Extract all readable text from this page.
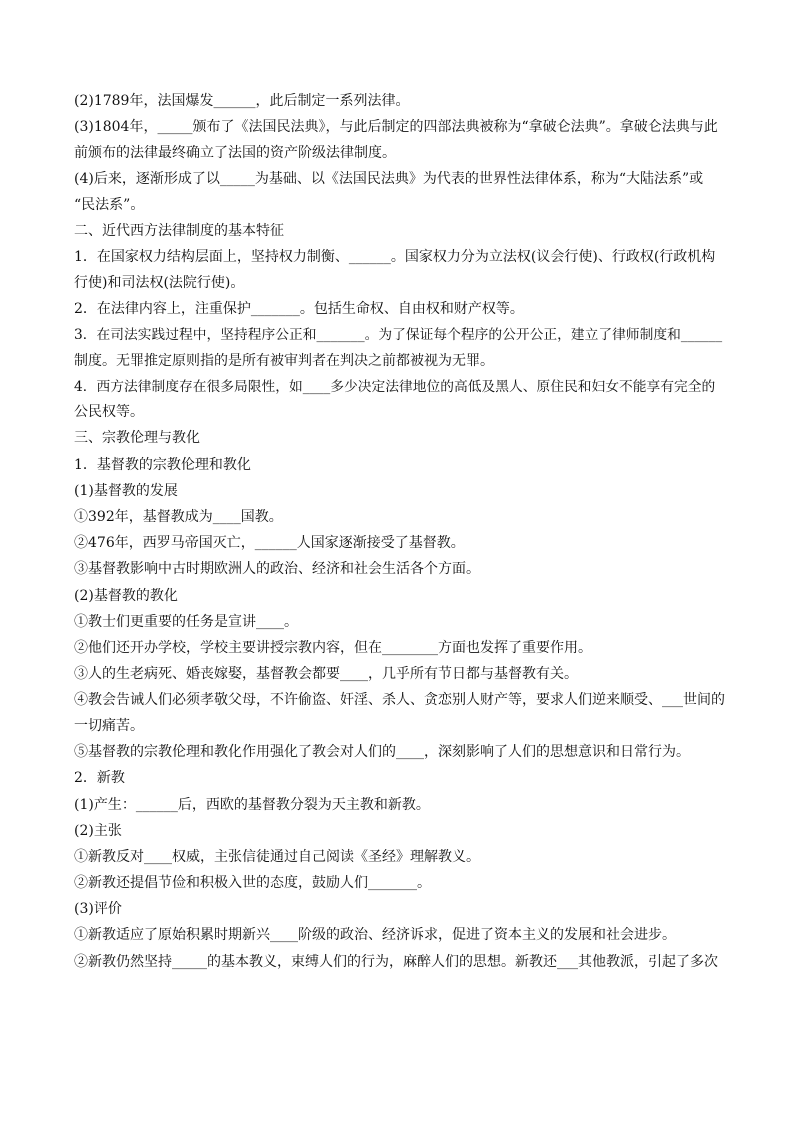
(2)1789年，法国爆发______，此后制定一系列法律。
(3)1804年，_____颁布了《法国民法典》，与此后制定的四部法典被称为“拿破仑法典”。拿破仑法典与此
前颁布的法律最终确立了法国的资产阶级法律制度。
(4)后来，逐渐形成了以_____为基础、以《法国民法典》为代表的世界性法律体系，称为“大陆法系”或
“民法系”。
二、近代西方法律制度的基本特征
1．在国家权力结构层面上，坚持权力制衡、______。国家权力分为立法权(议会行使)、行政权(行政机构
行使)和司法权(法院行使)。
2．在法律内容上，注重保护_______。包括生命权、自由权和财产权等。
3．在司法实践过程中，坚持程序公正和_______。为了保证每个程序的公开公正，建立了律师制度和______
制度。无罪推定原则指的是所有被审判者在判决之前都被视为无罪。
4．西方法律制度存在很多局限性，如____多少决定法律地位的高低及黑人、原住民和妇女不能享有完全的
公民权等。
三、宗教伦理与教化
1．基督教的宗教伦理和教化
(1)基督教的发展
①392年，基督教成为____国教。
②476年，西罗马帝国灭亡，______人国家逐渐接受了基督教。
③基督教影响中古时期欧洲人的政治、经济和社会生活各个方面。
(2)基督教的教化
①教士们更重要的任务是宣讲____。
②他们还开办学校，学校主要讲授宗教内容，但在________方面也发挥了重要作用。
③人的生老病死、婚丧嫁娶，基督教会都要____，几乎所有节日都与基督教有关。
④教会告诫人们必须孝敬父母，不许偷盗、奸淫、杀人、贪恋别人财产等，要求人们逆来顺受、___世间的
一切痛苦。
⑤基督教的宗教伦理和教化作用强化了教会对人们的____，深刻影响了人们的思想意识和日常行为。
2．新教
(1)产生：______后，西欧的基督教分裂为天主教和新教。
(2)主张
①新教反对____权威，主张信徒通过自己阅读《圣经》理解教义。
②新教还提倡节俭和积极入世的态度，鼓励人们_______。
(3)评价
①新教适应了原始积累时期新兴____阶级的政治、经济诉求，促进了资本主义的发展和社会进步。
②新教仍然坚持_____的基本教义，束缚人们的行为，麻醉人们的思想。新教还___其他教派，引起了多次
